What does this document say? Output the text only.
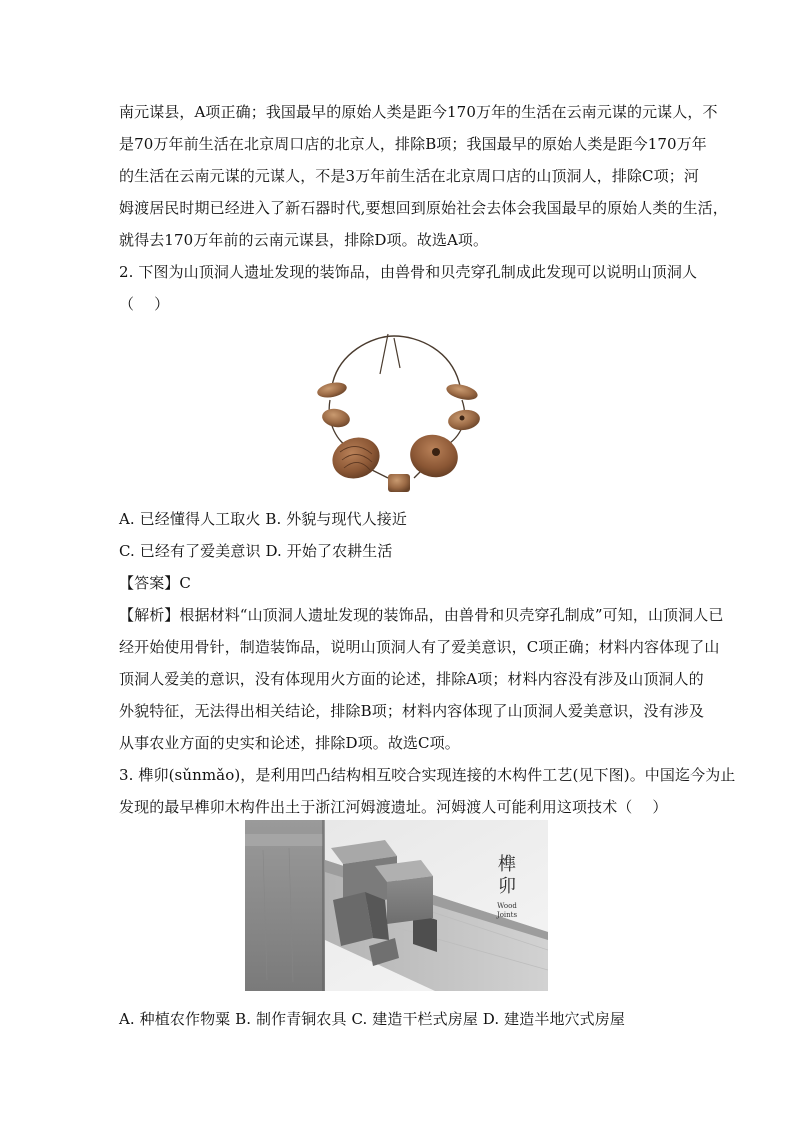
南元谋县，A项正确；我国最早的原始人类是距今170万年的生活在云南元谋的元谋人，不
是70万年前生活在北京周口店的北京人，排除B项；我国最早的原始人类是距今170万年
的生活在云南元谋的元谋人，不是3万年前生活在北京周口店的山顶洞人，排除C项；河
姆渡居民时期已经进入了新石器时代,要想回到原始社会去体会我国最早的原始人类的生活，
就得去170万年前的云南元谋县，排除D项。故选A项。
2. 下图为山顶洞人遗址发现的装饰品，由兽骨和贝壳穿孔制成此发现可以说明山顶洞人
（　 ）
A. 已经懂得人工取火 B. 外貌与现代人接近
C. 已经有了爱美意识 D. 开始了农耕生活
【答案】C
【解析】根据材料“山顶洞人遗址发现的装饰品，由兽骨和贝壳穿孔制成”可知，山顶洞人已
经开始使用骨针，制造装饰品，说明山顶洞人有了爱美意识，C项正确；材料内容体现了山
顶洞人爱美的意识，没有体现用火方面的论述，排除A项；材料内容没有涉及山顶洞人的
外貌特征，无法得出相关结论，排除B项；材料内容体现了山顶洞人爱美意识，没有涉及
从事农业方面的史实和论述，排除D项。故选C项。
3. 榫卯(sǔnmǎo)，是利用凹凸结构相互咬合实现连接的木构件工艺(见下图)。中国迄今为止
发现的最早榫卯木构件出土于浙江河姆渡遗址。河姆渡人可能利用这项技术（　 ）
榫
卯
Wood
Joints
A. 种植农作物粟 B. 制作青铜农具 C. 建造干栏式房屋 D. 建造半地穴式房屋
